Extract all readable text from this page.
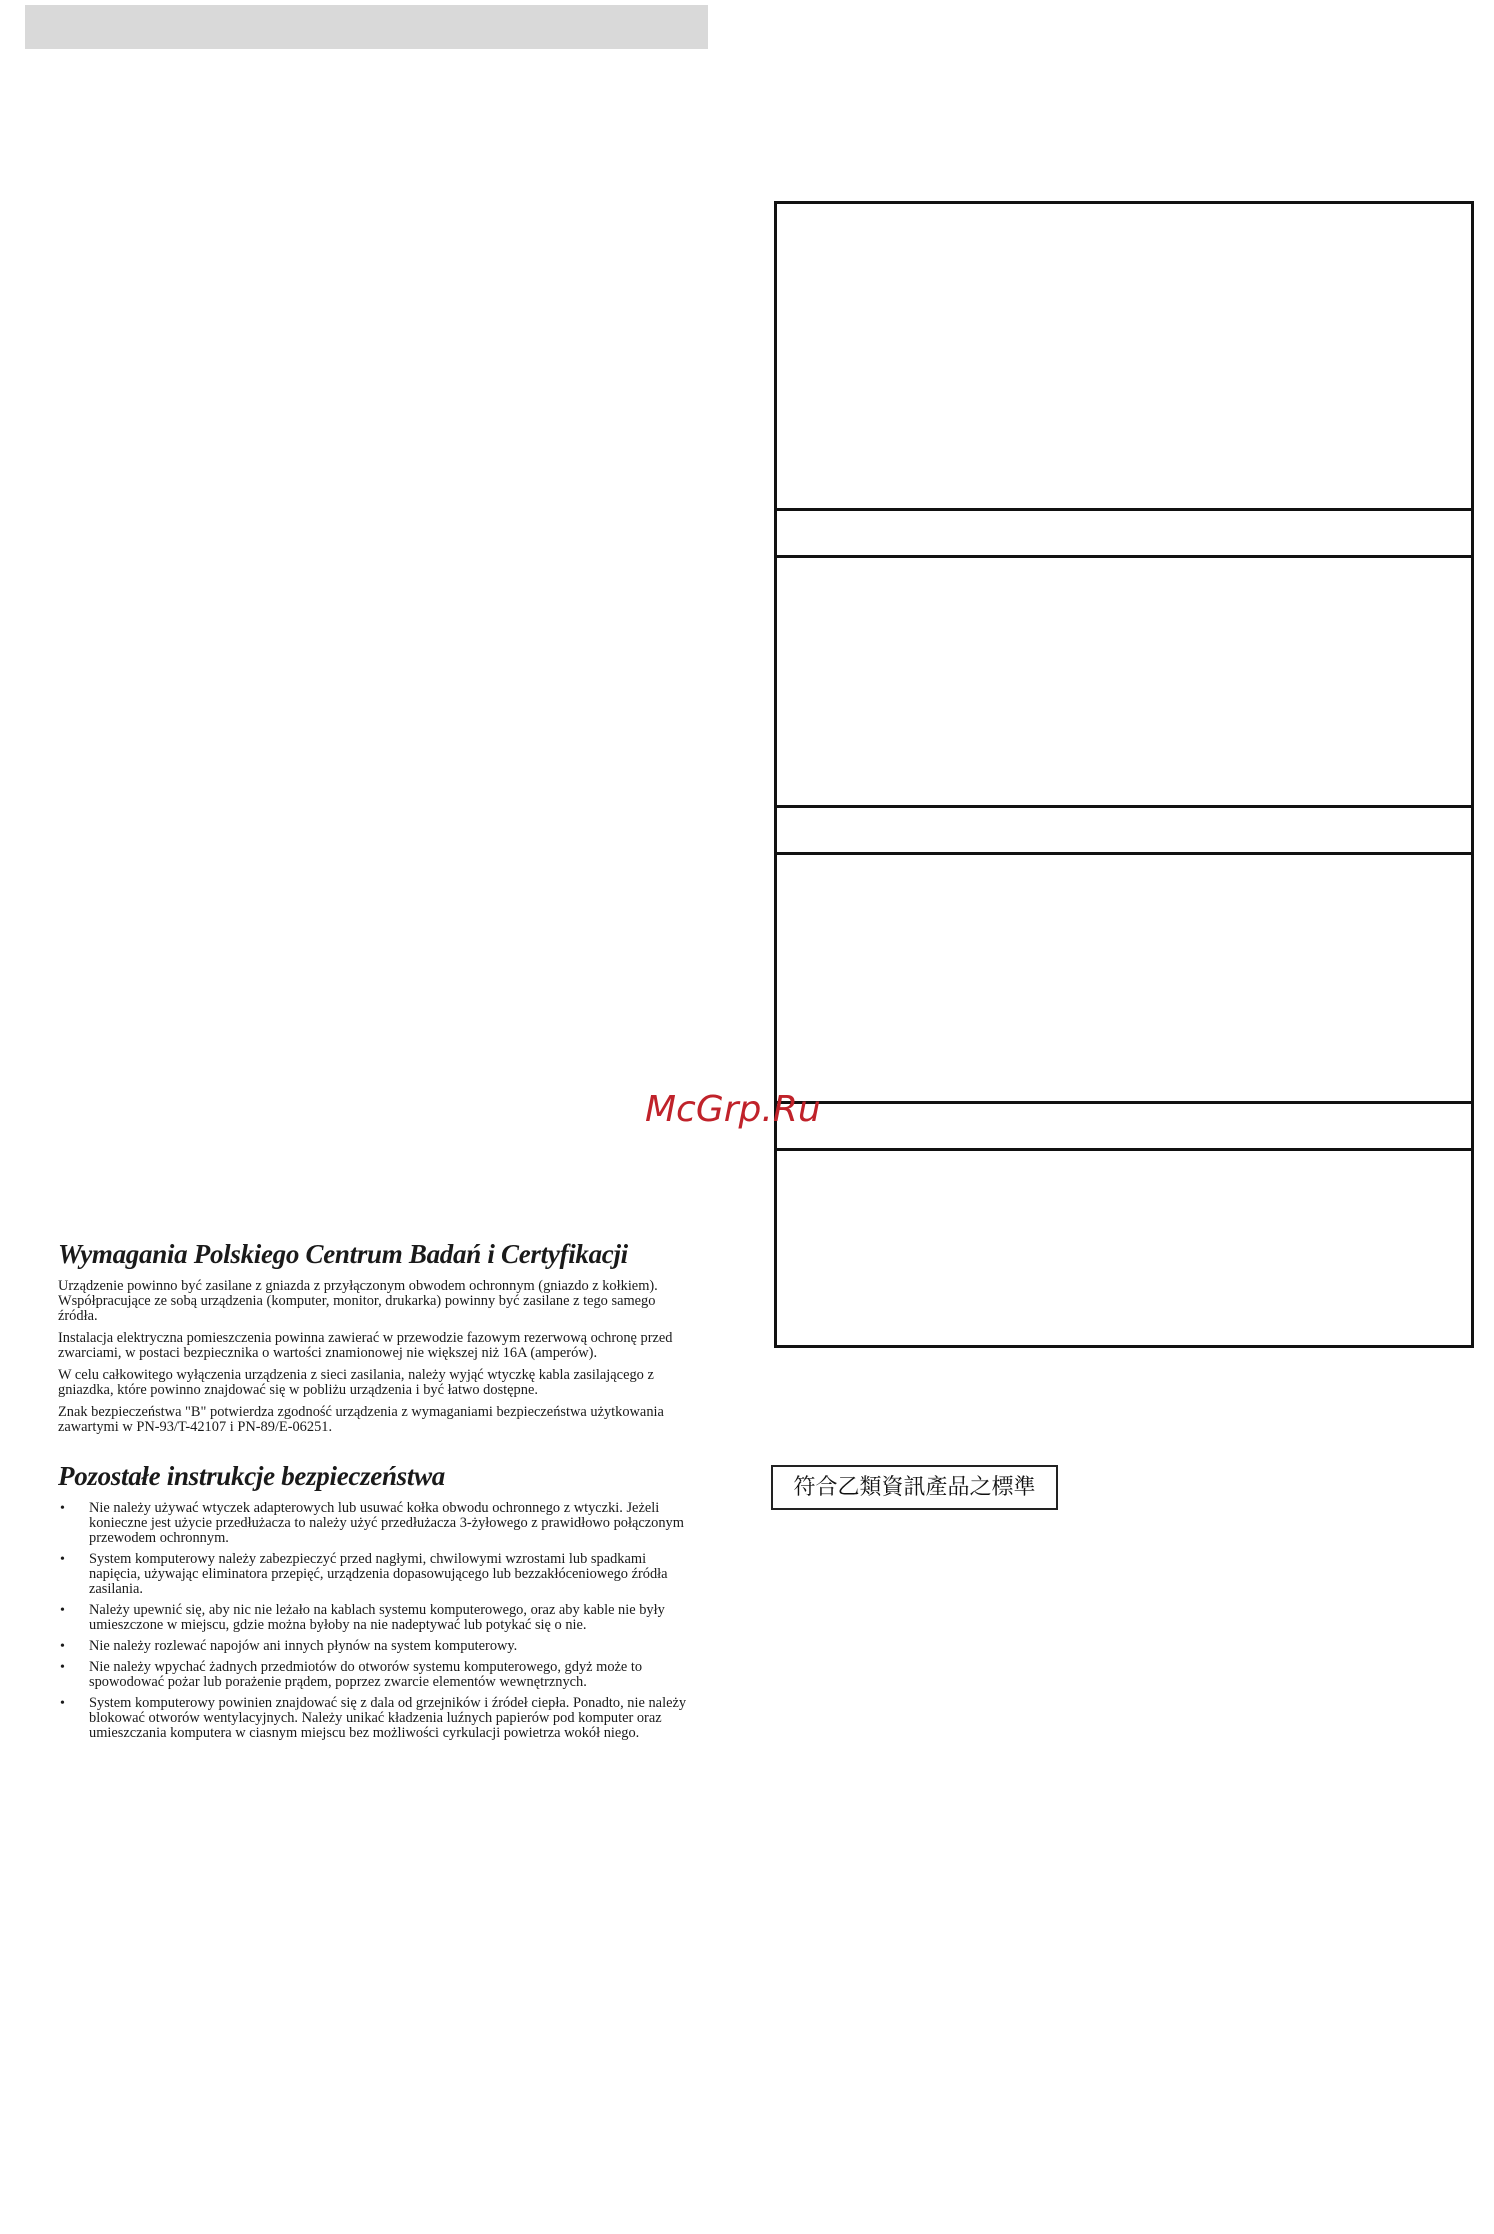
McGrp.Ru
符合乙類資訊產品之標準
Wymagania Polskiego Centrum Badań i Certyfikacji

Urządzenie powinno być zasilane z gniazda z przyłączonym obwodem ochronnym (gniazdo z kołkiem). Współpracujące ze sobą urządzenia (komputer, monitor, drukarka) powinny być zasilane z tego samego źródła.

Instalacja elektryczna pomieszczenia powinna zawierać w przewodzie fazowym rezerwową ochronę przed zwarciami, w postaci bezpiecznika o wartości znamionowej nie większej niż 16A (amperów).

W celu całkowitego wyłączenia urządzenia z sieci zasilania, należy wyjąć wtyczkę kabla zasilającego z gniazdka, które powinno znajdować się w pobliżu urządzenia i być łatwo dostępne.

Znak bezpieczeństwa "B" potwierdza zgodność urządzenia z wymaganiami bezpieczeństwa użytkowania zawartymi w PN-93/T-42107 i PN-89/E-06251.

Pozostałe instrukcje bezpieczeństwa
• Nie należy używać wtyczek adapterowych lub usuwać kołka obwodu ochronnego z wtyczki. Jeżeli konieczne jest użycie przedłużacza to należy użyć przedłużacza 3-żyłowego z prawidłowo połączonym przewodem ochronnym.
• System komputerowy należy zabezpieczyć przed nagłymi, chwilowymi wzrostami lub spadkami napięcia, używając eliminatora przepięć, urządzenia dopasowującego lub bezzakłóceniowego źródła zasilania.
• Należy upewnić się, aby nic nie leżało na kablach systemu komputerowego, oraz aby kable nie były umieszczone w miejscu, gdzie można byłoby na nie nadeptywać lub potykać się o nie.
• Nie należy rozlewać napojów ani innych płynów na system komputerowy.
• Nie należy wpychać żadnych przedmiotów do otworów systemu komputerowego, gdyż może to spowodować pożar lub porażenie prądem, poprzez zwarcie elementów wewnętrznych.
• System komputerowy powinien znajdować się z dala od grzejników i źródeł ciepła. Ponadto, nie należy blokować otworów wentylacyjnych. Należy unikać kładzenia luźnych papierów pod komputer oraz umieszczania komputera w ciasnym miejscu bez możliwości cyrkulacji powietrza wokół niego.
